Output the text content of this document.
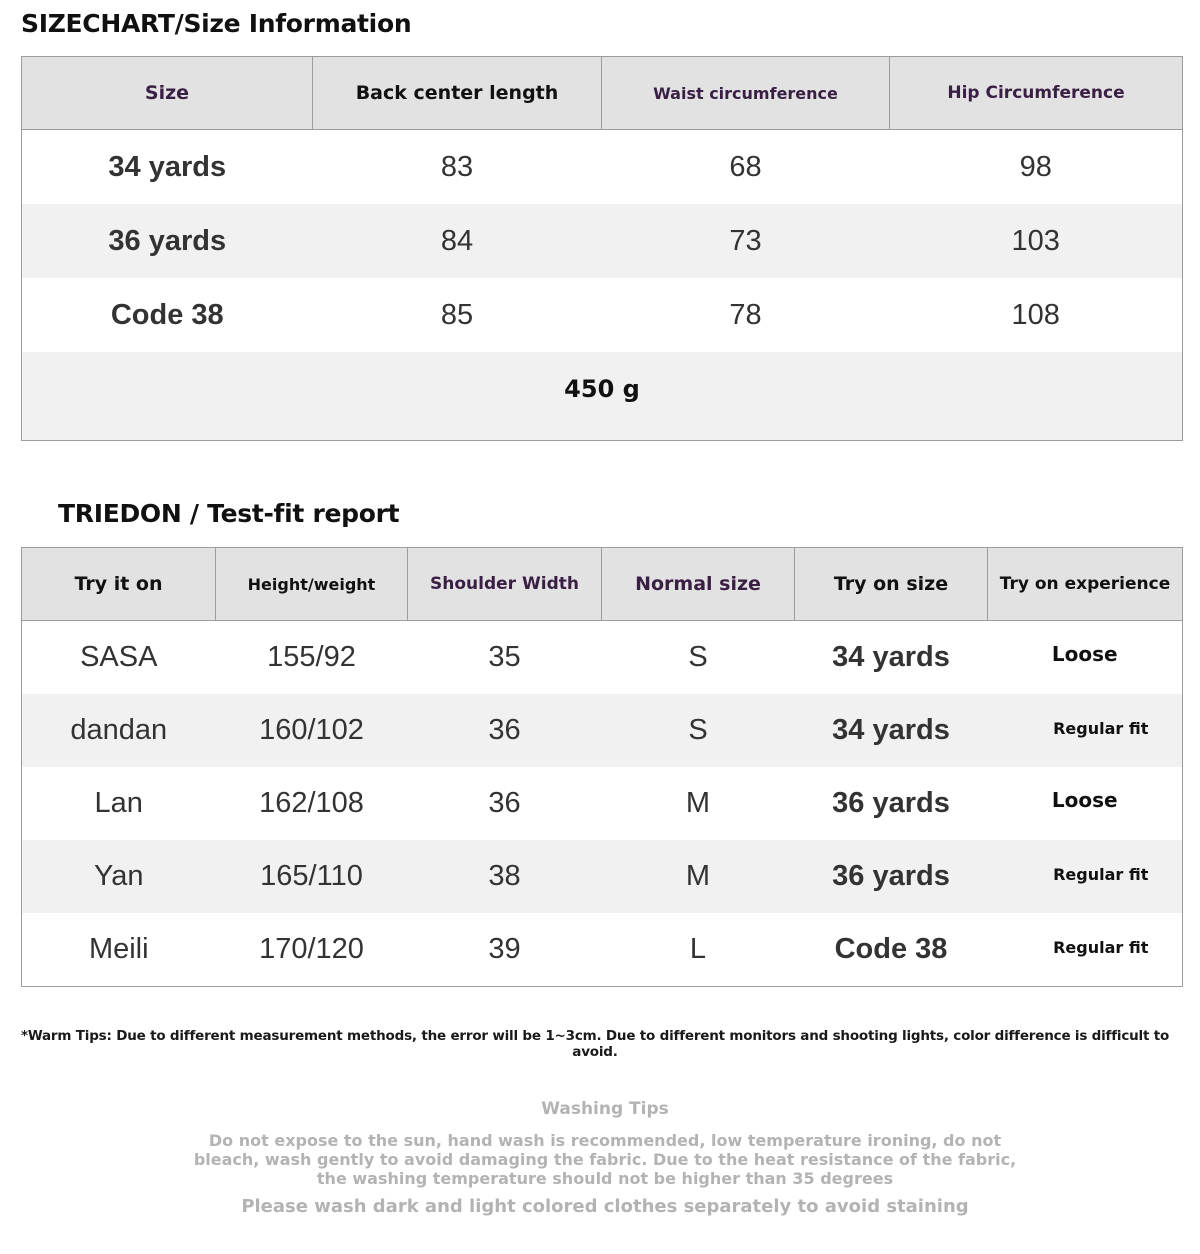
SIZECHART/Size Information
Size	Back center length	Waist circumference	Hip Circumference
34 yards	83	68	98
36 yards	84	73	103
Code 38	85	78	108
450 g			
TRIEDON / Test-fit report
Try it on	Height/weight	Shoulder Width	Normal size	Try on size	Try on experience
SASA	155/92	35	S	34 yards	Loose
dandan	160/102	36	S	34 yards	Regular fit
Lan	162/108	36	M	36 yards	Loose
Yan	165/110	38	M	36 yards	Regular fit
Meili	170/120	39	L	Code 38	Regular fit
*Warm Tips: Due to different measurement methods, the error will be 1~3cm. Due to different monitors and shooting lights, color difference is difficult to avoid.
Washing Tips
Do not expose to the sun, hand wash is recommended, low temperature ironing, do not
bleach, wash gently to avoid damaging the fabric. Due to the heat resistance of the fabric,
the washing temperature should not be higher than 35 degrees
Please wash dark and light colored clothes separately to avoid staining
